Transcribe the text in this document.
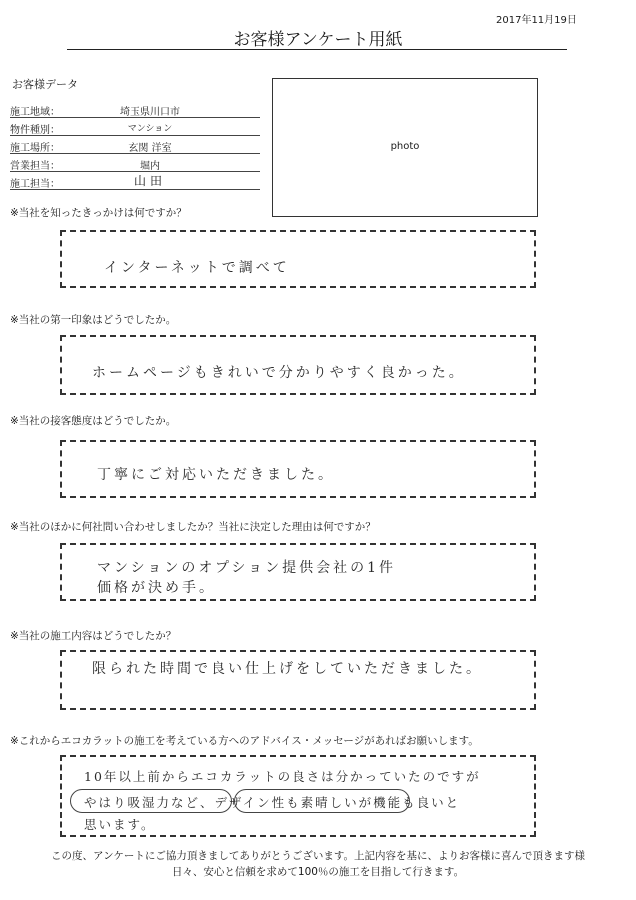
2017年11月19日
お客様アンケート用紙
お客様データ
施工地域：	埼玉県川口市
物件種別：	マンション
施工場所：	玄関 洋室
営業担当：	堀内
施工担当：	山田
photo
※当社を知ったきっかけは何ですか？
インターネットで調べて
※当社の第一印象はどうでしたか。
ホームページもきれいで分かりやすく良かった。
※当社の接客態度はどうでしたか。
丁寧にご対応いただきました。
※当社のほかに何社問い合わせしましたか？当社に決定した理由は何ですか？
マンションのオプション提供会社の1件
価格が決め手。
※当社の施工内容はどうでしたか？
限られた時間で良い仕上げをしていただきました。
※これからエコカラットの施工を考えている方へのアドバイス・メッセージがあればお願いします。
10年以上前からエコカラットの良さは分かっていたのですが
やはり吸湿力など、デザイン性も素晴しいが機能も良いと
思います。
この度、アンケートにご協力頂きましてありがとうございます。上記内容を基に、よりお客様に喜んで頂きます様
日々、安心と信頼を求めて100％の施工を目指して行きます。
